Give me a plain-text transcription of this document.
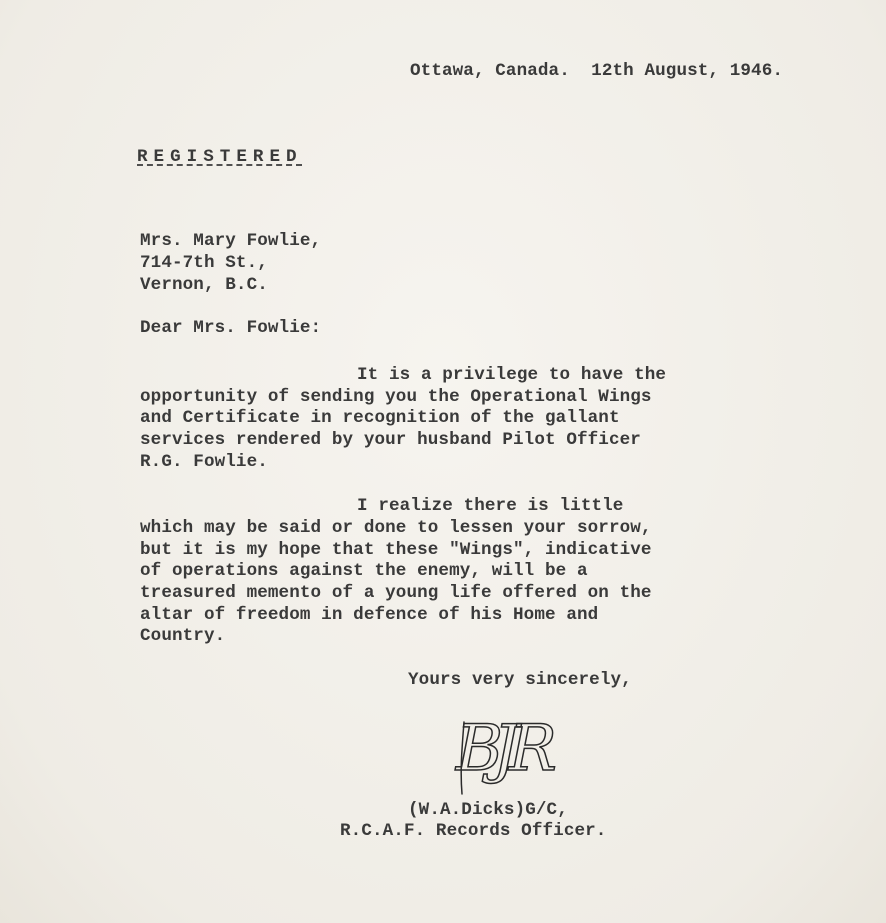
Ottawa, Canada.  12th August, 1946.
REGISTERED
Mrs. Mary Fowlie,
714-7th St.,
Vernon, B.C.
Dear Mrs. Fowlie:
It is a privilege to have the
opportunity of sending you the Operational Wings
and Certificate in recognition of the gallant
services rendered by your husband Pilot Officer
R.G. Fowlie.
I realize there is little
which may be said or done to lessen your sorrow,
but it is my hope that these "Wings", indicative
of operations against the enemy, will be a
treasured memento of a young life offered on the
altar of freedom in defence of his Home and
Country.
Yours very sincerely,
BJR
(W.A.Dicks)G/C,
R.C.A.F. Records Officer.
